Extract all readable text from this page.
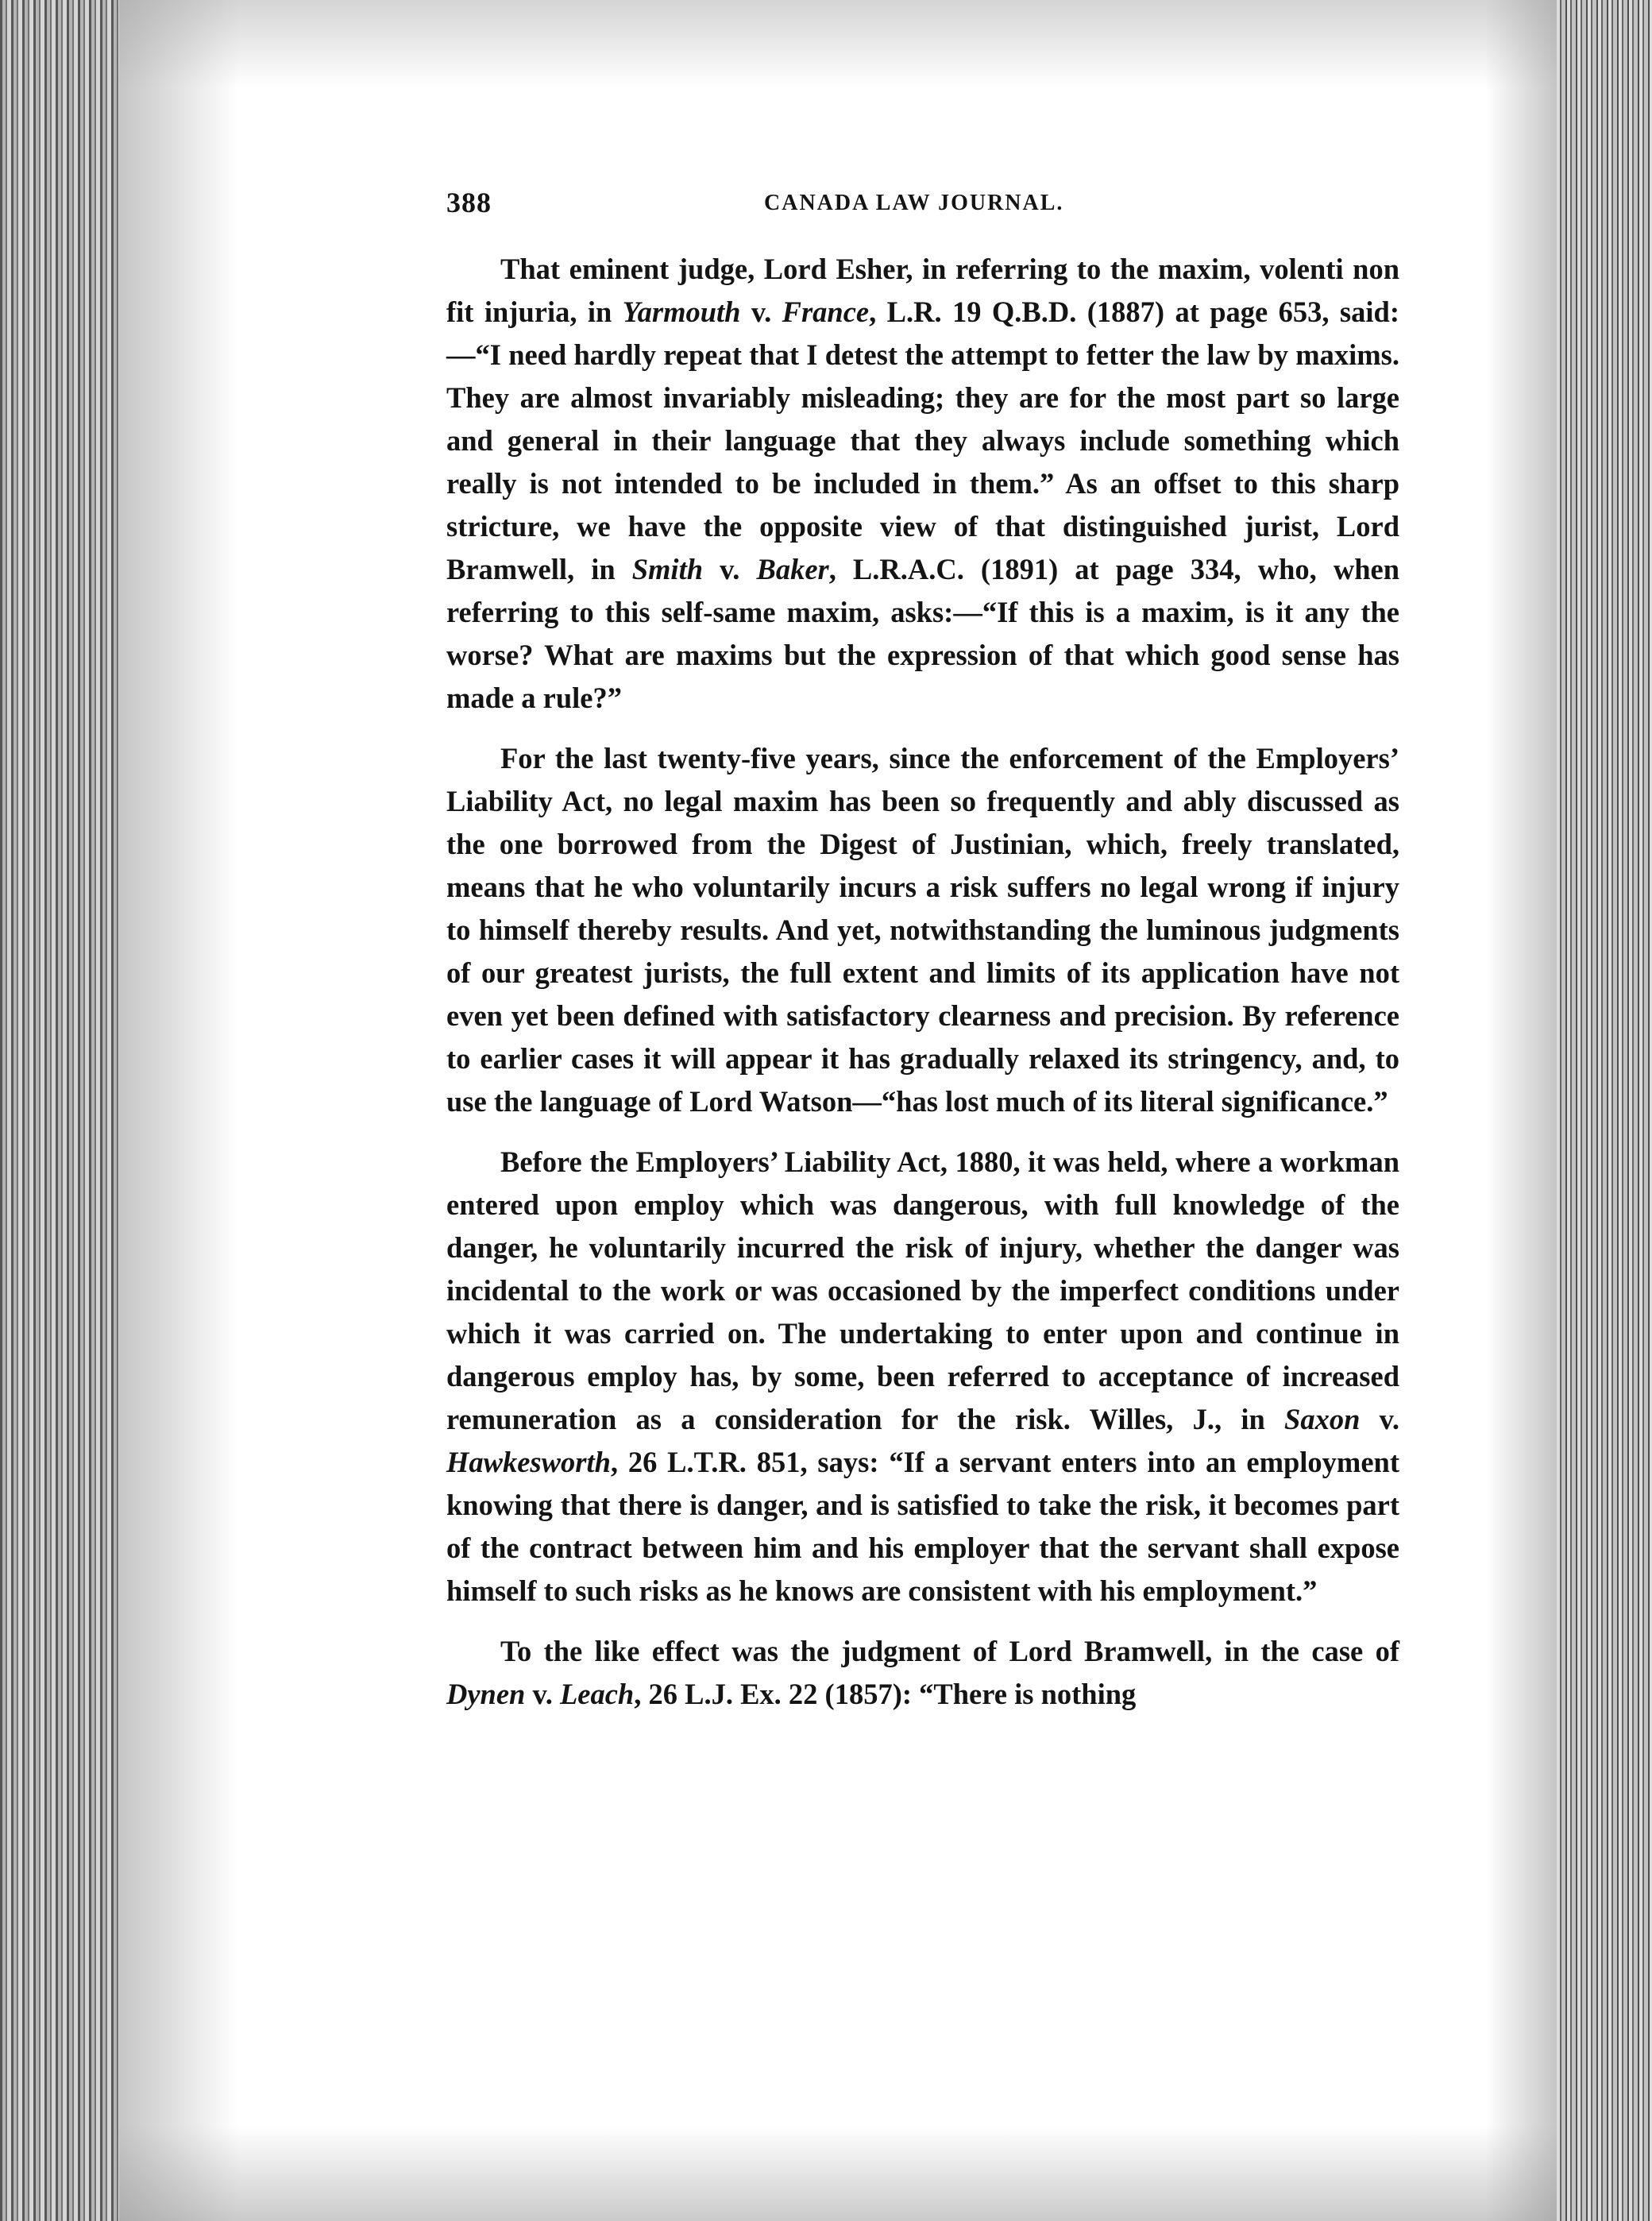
388	CANADA LAW JOURNAL.

That eminent judge, Lord Esher, in referring to the maxim, volenti non fit injuria, in Yarmouth v. France, L.R. 19 Q.B.D. (1887) at page 653, said:—“I need hardly repeat that I detest the attempt to fetter the law by maxims. They are almost invariably misleading; they are for the most part so large and general in their language that they always include something which really is not intended to be included in them.” As an offset to this sharp stricture, we have the opposite view of that distinguished jurist, Lord Bramwell, in Smith v. Baker, L.R.A.C. (1891) at page 334, who, when referring to this self-same maxim, asks:—“If this is a maxim, is it any the worse? What are maxims but the expression of that which good sense has made a rule?”

For the last twenty-five years, since the enforcement of the Employers’ Liability Act, no legal maxim has been so frequently and ably discussed as the one borrowed from the Digest of Justinian, which, freely translated, means that he who voluntarily incurs a risk suffers no legal wrong if injury to himself thereby results. And yet, notwithstanding the luminous judgments of our greatest jurists, the full extent and limits of its application have not even yet been defined with satisfactory clearness and precision. By reference to earlier cases it will appear it has gradually relaxed its stringency, and, to use the language of Lord Watson—“has lost much of its literal significance.”

Before the Employers’ Liability Act, 1880, it was held, where a workman entered upon employ which was dangerous, with full knowledge of the danger, he voluntarily incurred the risk of injury, whether the danger was incidental to the work or was occasioned by the imperfect conditions under which it was carried on. The undertaking to enter upon and continue in dangerous employ has, by some, been referred to acceptance of increased remuneration as a consideration for the risk. Willes, J., in Saxon v. Hawkesworth, 26 L.T.R. 851, says: “If a servant enters into an employment knowing that there is danger, and is satisfied to take the risk, it becomes part of the contract between him and his employer that the servant shall expose himself to such risks as he knows are consistent with his employment.”

To the like effect was the judgment of Lord Bramwell, in the case of Dynen v. Leach, 26 L.J. Ex. 22 (1857): “There is nothing
